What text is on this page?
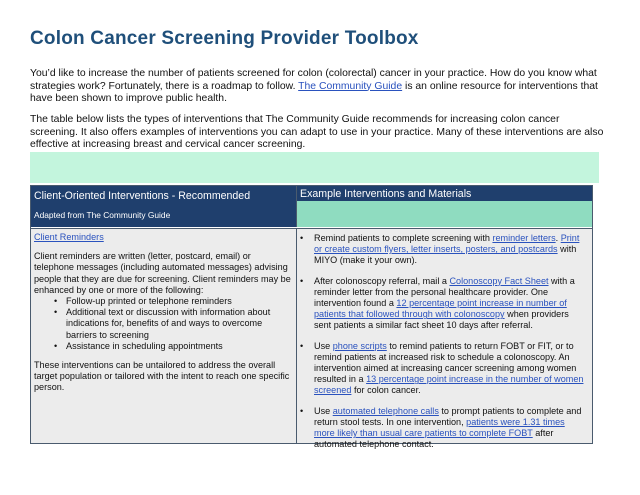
Colon Cancer Screening Provider Toolbox

You’d like to increase the number of patients screened for colon (colorectal) cancer in your practice. How do you know what strategies work? Fortunately, there is a roadmap to follow. The Community Guide is an online resource for interventions that have been shown to improve public health.

The table below lists the types of interventions that The Community Guide recommends for increasing colon cancer screening. It also offers examples of interventions you can adapt to use in your practice. Many of these interventions are also effective at increasing breast and cervical cancer screening.

Client-Oriented Interventions - Recommended
Adapted from The Community Guide
Example Interventions and Materials
Client Reminders
Client reminders are written (letter, postcard, email) or telephone messages (including automated messages) advising people that they are due for screening. Client reminders may be enhanced by one or more of the following:
• Follow-up printed or telephone reminders
• Additional text or discussion with information about indications for, benefits of and ways to overcome barriers to screening
• Assistance in scheduling appointments
These interventions can be untailored to address the overall target population or tailored with the intent to reach one specific person.
• Remind patients to complete screening with reminder letters. Print or create custom flyers, letter inserts, posters, and postcards with MIYO (make it your own).
• After colonoscopy referral, mail a Colonoscopy Fact Sheet with a reminder letter from the personal healthcare provider. One intervention found a 12 percentage point increase in number of patients that followed through with colonoscopy when providers sent patients a similar fact sheet 10 days after referral.
• Use phone scripts to remind patients to return FOBT or FIT, or to remind patients at increased risk to schedule a colonoscopy. An intervention aimed at increasing cancer screening among women resulted in a 13 percentage point increase in the number of women screened for colon cancer.
• Use automated telephone calls to prompt patients to complete and return stool tests. In one intervention, patients were 1.31 times more likely than usual care patients to complete FOBT after automated telephone contact.
